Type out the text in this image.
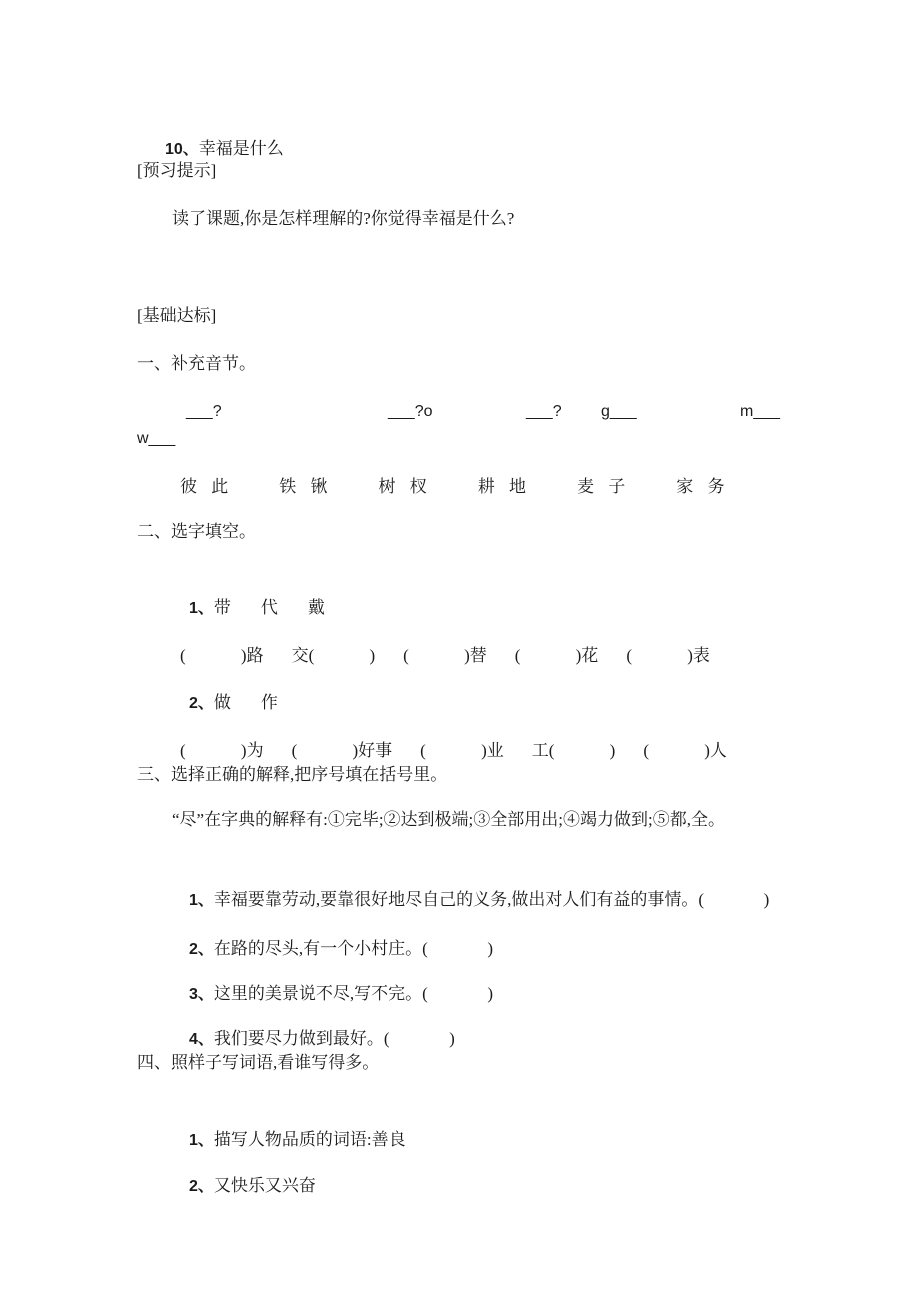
10、幸福是什么

[预习提示]
读了课题,你是怎样理解的?你觉得幸福是什么?
[基础达标]
一、补充音节。

___?

	___?o

	___?

g___

	m___

w___
彼 此	铁 锹	树 杈	耕 地	麦 子	家 务
二、选字填空。

1、带 代 戴

(             )路 交(             ) (             )替 (             )花 (             )表

2、做 作

(             )为 (             )好事 (             )业 工(             ) (             )人

三、选择正确的解释,把序号填在括号里。
“尽”在字典的解释有:①完毕;②达到极端;③全部用出;④竭力做到;⑤都,全。

1、幸福要靠劳动,要靠很好地尽自己的义务,做出对人们有益的事情。(              )

2、在路的尽头,有一个小村庄。(              )

3、这里的美景说不尽,写不完。(              )

4、我们要尽力做到最好。(              )

四、照样子写词语,看谁写得多。

1、描写人物品质的词语:善良

2、又快乐又兴奋
